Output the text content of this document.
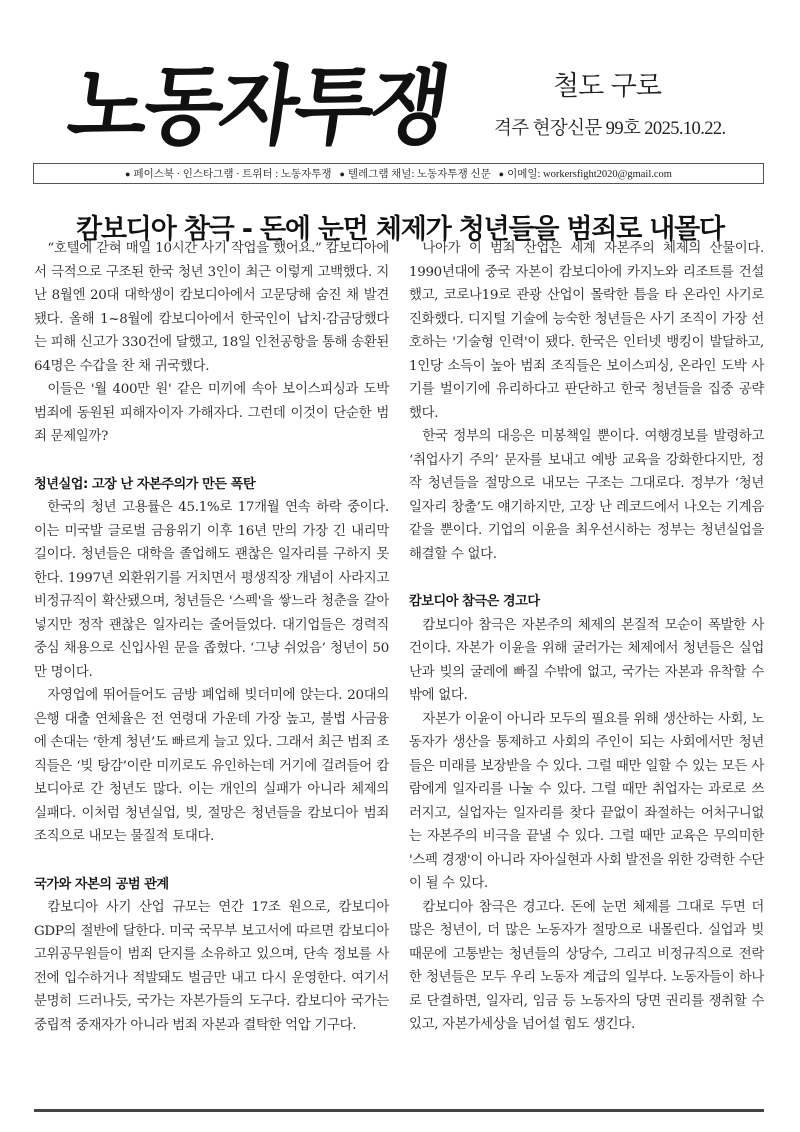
노동자투쟁	철도 구로
격주 현장신문 99호 2025.10.22.
● 페이스북 · 인스타그램 · 트위터 : 노동자투쟁 ● 텔레그램 채널: 노동자투쟁 신문 ● 이메일: workersfight2020@gmail.com
캄보디아 참극 - 돈에 눈먼 체제가 청년들을 범죄로 내몰다

“호텔에 갇혀 매일 10시간 사기 작업을 했어요.” 캄보디아에서 극적으로 구조된 한국 청년 3인이 최근 이렇게 고백했다. 지난 8월엔 20대 대학생이 캄보디아에서 고문당해 숨진 채 발견됐다. 올해 1~8월에 캄보디아에서 한국인이 납치·감금당했다는 피해 신고가 330건에 달했고, 18일 인천공항을 통해 송환된 64명은 수갑을 찬 채 귀국했다.

이들은 '월 400만 원' 같은 미끼에 속아 보이스피싱과 도박 범죄에 동원된 피해자이자 가해자다. 그런데 이것이 단순한 범죄 문제일까?

청년실업: 고장 난 자본주의가 만든 폭탄

한국의 청년 고용률은 45.1%로 17개월 연속 하락 중이다. 이는 미국발 글로벌 금융위기 이후 16년 만의 가장 긴 내리막길이다. 청년들은 대학을 졸업해도 괜찮은 일자리를 구하지 못한다. 1997년 외환위기를 거치면서 평생직장 개념이 사라지고 비정규직이 확산됐으며, 청년들은 '스펙'을 쌓느라 청춘을 갈아넣지만 정작 괜찮은 일자리는 줄어들었다. 대기업들은 경력직 중심 채용으로 신입사원 문을 좁혔다. ‘그냥 쉬었음’ 청년이 50만 명이다.

자영업에 뛰어들어도 금방 폐업해 빚더미에 앉는다. 20대의 은행 대출 연체율은 전 연령대 가운데 가장 높고, 불법 사금융에 손대는 ‘한계 청년’도 빠르게 늘고 있다. 그래서 최근 범죄 조직들은 ‘빚 탕감’이란 미끼로도 유인하는데 거기에 걸려들어 캄보디아로 간 청년도 많다. 이는 개인의 실패가 아니라 체제의 실패다. 이처럼 청년실업, 빚, 절망은 청년들을 캄보디아 범죄 조직으로 내모는 물질적 토대다.

국가와 자본의 공범 관계

캄보디아 사기 산업 규모는 연간 17조 원으로, 캄보디아 GDP의 절반에 달한다. 미국 국무부 보고서에 따르면 캄보디아 고위공무원들이 범죄 단지를 소유하고 있으며, 단속 정보를 사전에 입수하거나 적발돼도 벌금만 내고 다시 운영한다. 여기서 분명히 드러나듯, 국가는 자본가들의 도구다. 캄보디아 국가는 중립적 중재자가 아니라 범죄 자본과 결탁한 억압 기구다.

나아가 이 범죄 산업은 세계 자본주의 체제의 산물이다. 1990년대에 중국 자본이 캄보디아에 카지노와 리조트를 건설했고, 코로나19로 관광 산업이 몰락한 틈을 타 온라인 사기로 진화했다. 디지털 기술에 능숙한 청년들은 사기 조직이 가장 선호하는 '기술형 인력'이 됐다. 한국은 인터넷 뱅킹이 발달하고, 1인당 소득이 높아 범죄 조직들은 보이스피싱, 온라인 도박 사기를 벌이기에 유리하다고 판단하고 한국 청년들을 집중 공략했다.

한국 정부의 대응은 미봉책일 뿐이다. 여행경보를 발령하고 ‘취업사기 주의’ 문자를 보내고 예방 교육을 강화한다지만, 정작 청년들을 절망으로 내모는 구조는 그대로다. 정부가 ‘청년 일자리 창출’도 얘기하지만, 고장 난 레코드에서 나오는 기계음 같을 뿐이다. 기업의 이윤을 최우선시하는 정부는 청년실업을 해결할 수 없다.

캄보디아 참극은 경고다

캄보디아 참극은 자본주의 체제의 본질적 모순이 폭발한 사건이다. 자본가 이윤을 위해 굴러가는 체제에서 청년들은 실업난과 빚의 굴레에 빠질 수밖에 없고, 국가는 자본과 유착할 수밖에 없다.

자본가 이윤이 아니라 모두의 필요를 위해 생산하는 사회, 노동자가 생산을 통제하고 사회의 주인이 되는 사회에서만 청년들은 미래를 보장받을 수 있다. 그럴 때만 일할 수 있는 모든 사람에게 일자리를 나눌 수 있다. 그럴 때만 취업자는 과로로 쓰러지고, 실업자는 일자리를 찾다 끝없이 좌절하는 어처구니없는 자본주의 비극을 끝낼 수 있다. 그럴 때만 교육은 무의미한 '스펙 경쟁'이 아니라 자아실현과 사회 발전을 위한 강력한 수단이 될 수 있다.

캄보디아 참극은 경고다. 돈에 눈먼 체제를 그대로 두면 더 많은 청년이, 더 많은 노동자가 절망으로 내몰린다. 실업과 빚 때문에 고통받는 청년들의 상당수, 그리고 비정규직으로 전락한 청년들은 모두 우리 노동자 계급의 일부다. 노동자들이 하나로 단결하면, 일자리, 임금 등 노동자의 당면 권리를 쟁취할 수 있고, 자본가세상을 넘어설 힘도 생긴다.
